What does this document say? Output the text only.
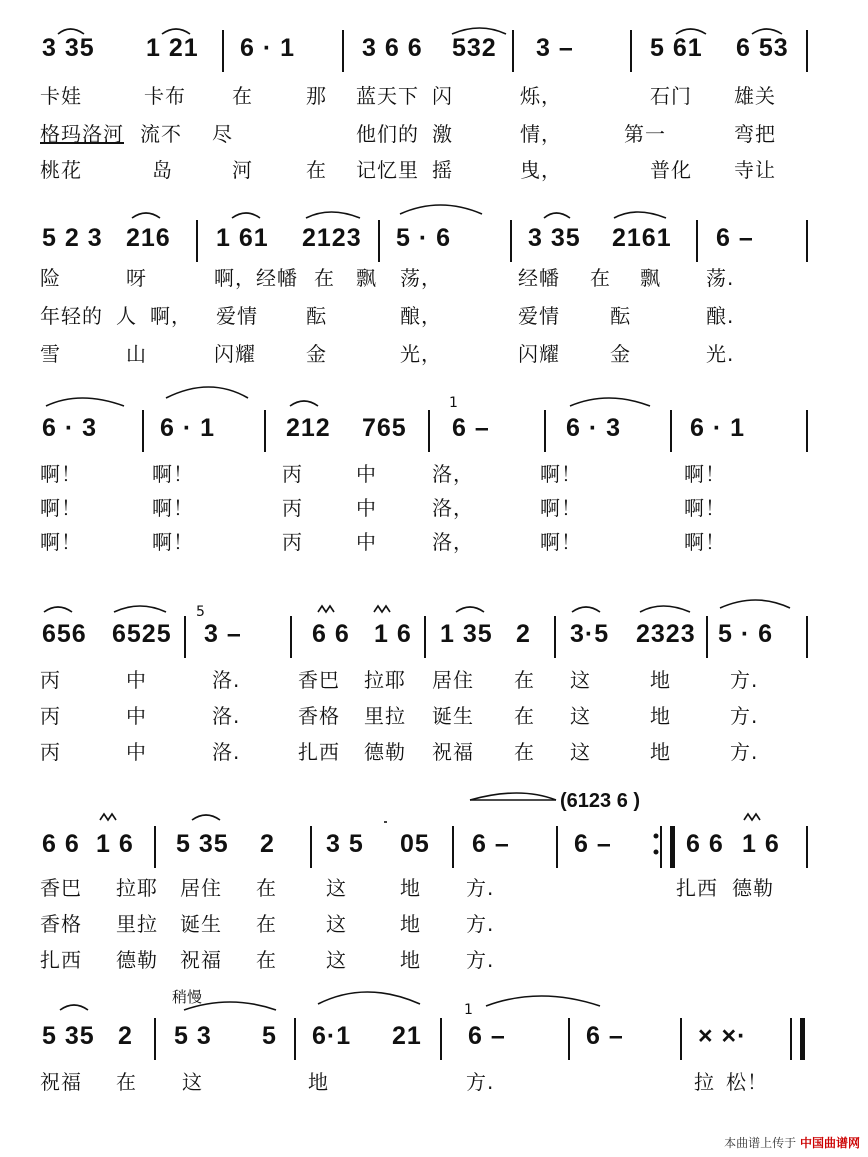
3 35 1 21 6 · 1	3 6 6 532 3 –	5 61 6 53
卡娃	卡布 在	那 蓝天下 闪	烁，	石门 雄关
格玛洛河 流不 尽	他们的 激	情，	第一	弯把
桃花	岛	河	在 记忆里 摇	曳，	普化 寺让
5 2 3 216 1 61 2123 5 · 6	3 35 2161 6 –
险	呀	啊， 经幡 在 飘 荡，	经幡 在 飘 荡.
年轻的 人 啊， 爱情 酝	酿，	爱情	酝	酿.
雪	山	闪耀	金	光，	闪耀	金	光.
6 · 3	6 · 1	212 765 6 –	6 · 3	6 · 1
1
啊！	啊！	丙	中	洛，	啊！	啊！
啊！	啊！	丙	中	洛，	啊！	啊！
啊！	啊！	丙	中	洛，	啊！	啊！
656 6525 3 –	6 6 1 6 1 35 2 3·5 2323 5 · 6
5
丙	中	洛.	香巴 拉耶 居住 在 这	地	方.
丙	中	洛.	香格 里拉 诞生 在 这	地	方.
丙	中	洛.	扎西 德勒 祝福 在 这	地	方.
(6123 6 )
6 6 1 6 5 35 2 3 5 05 6 –	6 –	6 6 1 6
香巴 拉耶 居住 在 这	地 方.	扎西 德勒
香格 里拉 诞生 在 这	地 方.
扎西 德勒 祝福 在 这	地 方.
稍慢
5 35 2 5 3 5 6·1 21 6 –	6 –	× ×·
1
祝福 在 这	地	方.	拉 松！
本曲谱上传于 中国曲谱网
